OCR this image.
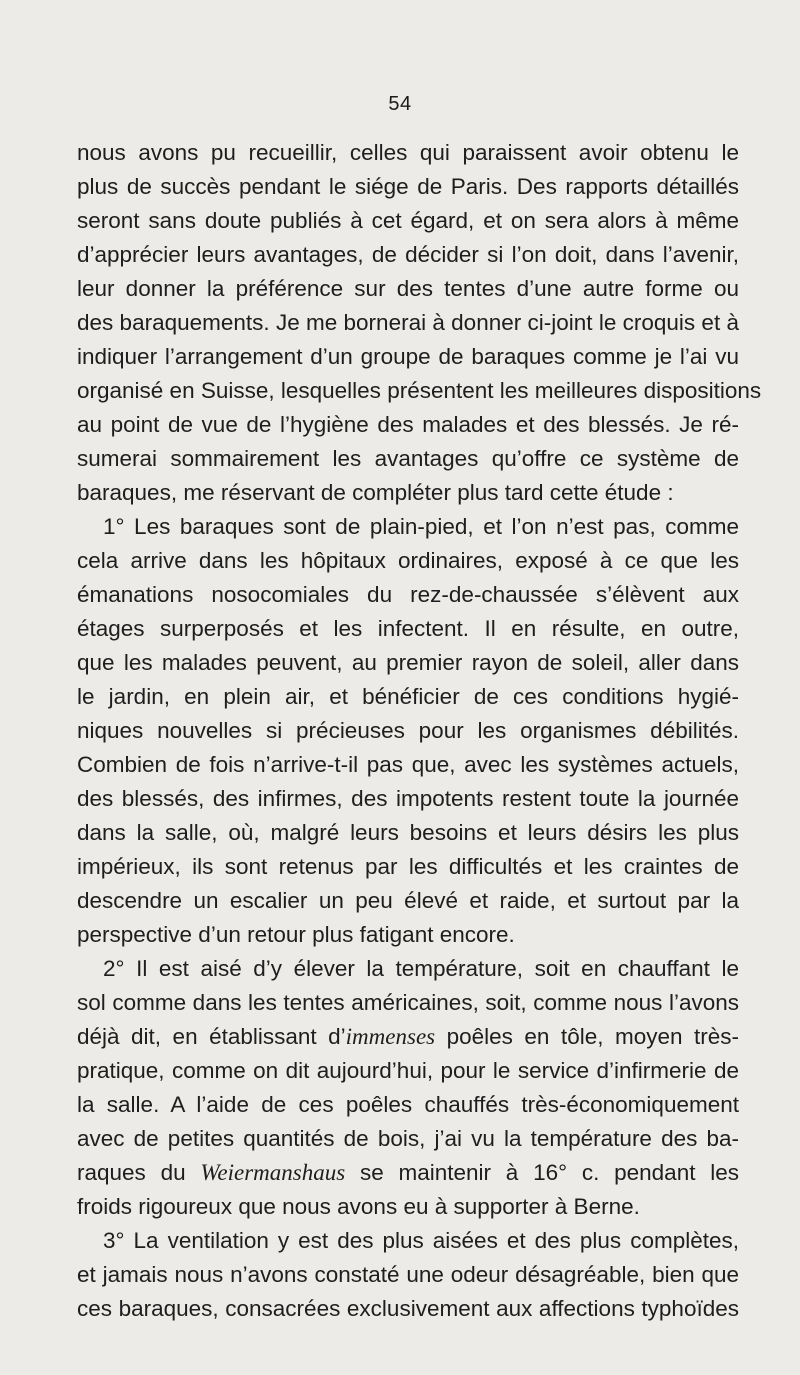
54
nous avons pu recueillir, celles qui paraissent avoir obtenu le
plus de succès pendant le siége de Paris. Des rapports détaillés
seront sans doute publiés à cet égard, et on sera alors à même
d’apprécier leurs avantages, de décider si l’on doit, dans l’avenir,
leur donner la préférence sur des tentes d’une autre forme ou
des baraquements. Je me bornerai à donner ci-joint le croquis et à
indiquer l’arrangement d’un groupe de baraques comme je l’ai vu
organisé en Suisse, lesquelles présentent les meilleures dispositions
au point de vue de l’hygiène des malades et des blessés. Je ré-
sumerai sommairement les avantages qu’offre ce système de
baraques, me réservant de compléter plus tard cette étude :
1° Les baraques sont de plain-pied, et l’on n’est pas, comme
cela arrive dans les hôpitaux ordinaires, exposé à ce que les
émanations nosocomiales du rez-de-chaussée s’élèvent aux
étages surperposés et les infectent. Il en résulte, en outre,
que les malades peuvent, au premier rayon de soleil, aller dans
le jardin, en plein air, et bénéficier de ces conditions hygié-
niques nouvelles si précieuses pour les organismes débilités.
Combien de fois n’arrive-t-il pas que, avec les systèmes actuels,
des blessés, des infirmes, des impotents restent toute la journée
dans la salle, où, malgré leurs besoins et leurs désirs les plus
impérieux, ils sont retenus par les difficultés et les craintes de
descendre un escalier un peu élevé et raide, et surtout par la
perspective d’un retour plus fatigant encore.
2° Il est aisé d’y élever la température, soit en chauffant le
sol comme dans les tentes américaines, soit, comme nous l’avons
déjà dit, en établissant d’immenses poêles en tôle, moyen très-
pratique, comme on dit aujourd’hui, pour le service d’infirmerie de
la salle. A l’aide de ces poêles chauffés très-économiquement
avec de petites quantités de bois, j’ai vu la température des ba-
raques du Weiermanshaus se maintenir à 16° c. pendant les
froids rigoureux que nous avons eu à supporter à Berne.
3° La ventilation y est des plus aisées et des plus complètes,
et jamais nous n’avons constaté une odeur désagréable, bien que
ces baraques, consacrées exclusivement aux affections typhoïdes
